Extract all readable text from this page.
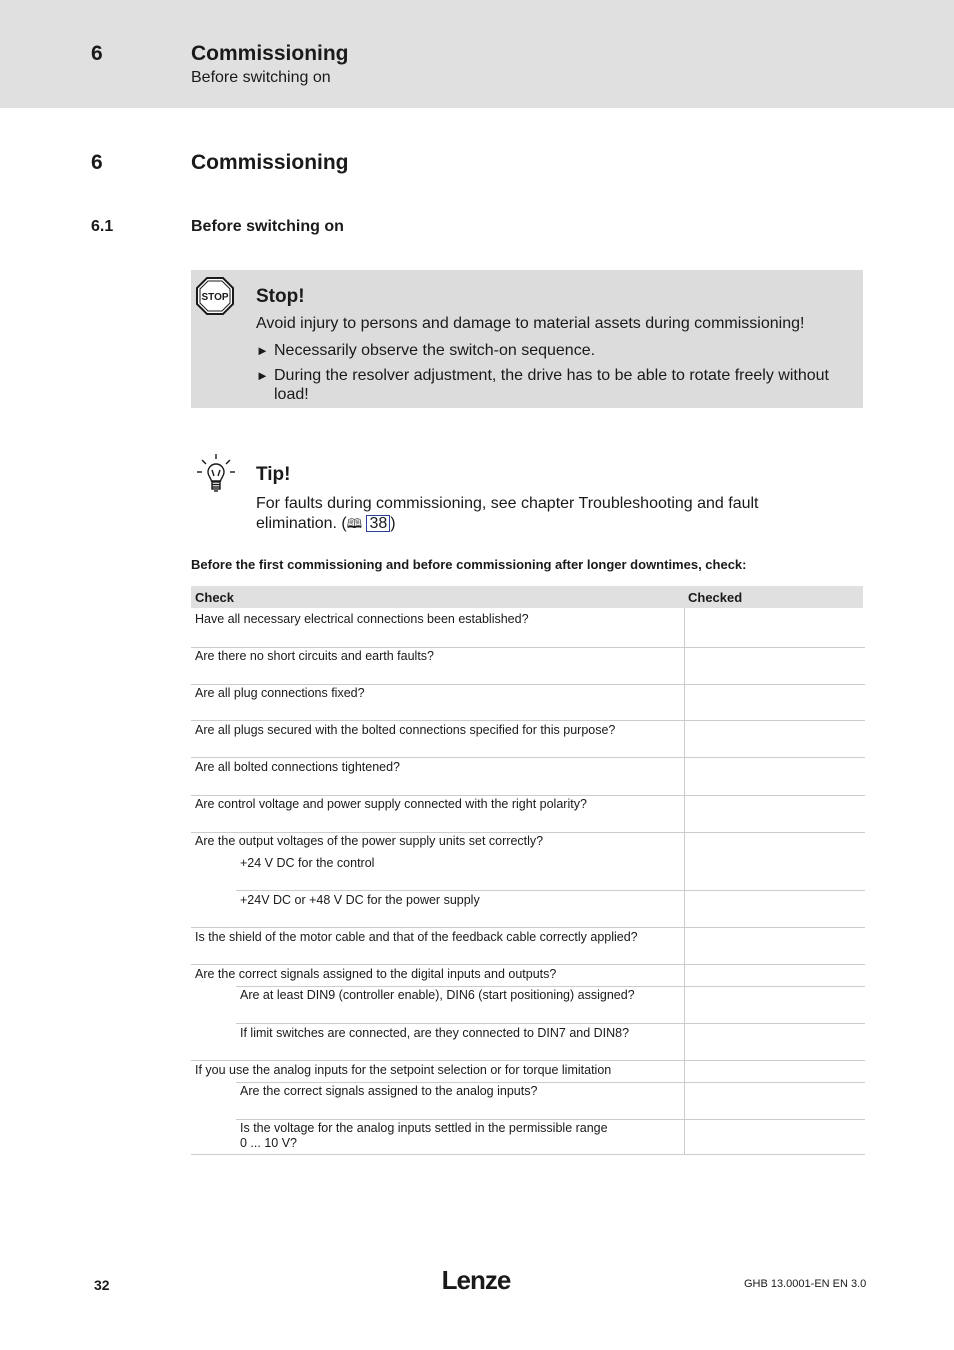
6	Commissioning
Before switching on
6	Commissioning
6.1	Before switching on
STOP Stop!
Avoid injury to persons and damage to material assets during commissioning!
► Necessarily observe the switch-on sequence.
► During the resolver adjustment, the drive has to be able to rotate freely without load!
Tip!
For faults during commissioning, see chapter Troubleshooting and fault elimination. (🕮 38 )
Before the first commissioning and before commissioning after longer downtimes, check:
Check	Checked
Have all necessary electrical connections been established?
Are there no short circuits and earth faults?
Are all plug connections fixed?
Are all plugs secured with the bolted connections specified for this purpose?
Are all bolted connections tightened?
Are control voltage and power supply connected with the right polarity?
Are the output voltages of the power supply units set correctly?
+24 V DC for the control
+24V DC or +48 V DC for the power supply
Is the shield of the motor cable and that of the feedback cable correctly applied?
Are the correct signals assigned to the digital inputs and outputs?
Are at least DIN9 (controller enable), DIN6 (start positioning) assigned?
If limit switches are connected, are they connected to DIN7 and DIN8?
If you use the analog inputs for the setpoint selection or for torque limitation
Are the correct signals assigned to the analog inputs?
Is the voltage for the analog inputs settled in the permissible range
0 ... 10 V?
32	Lenze	GHB 13.0001-EN EN 3.0
